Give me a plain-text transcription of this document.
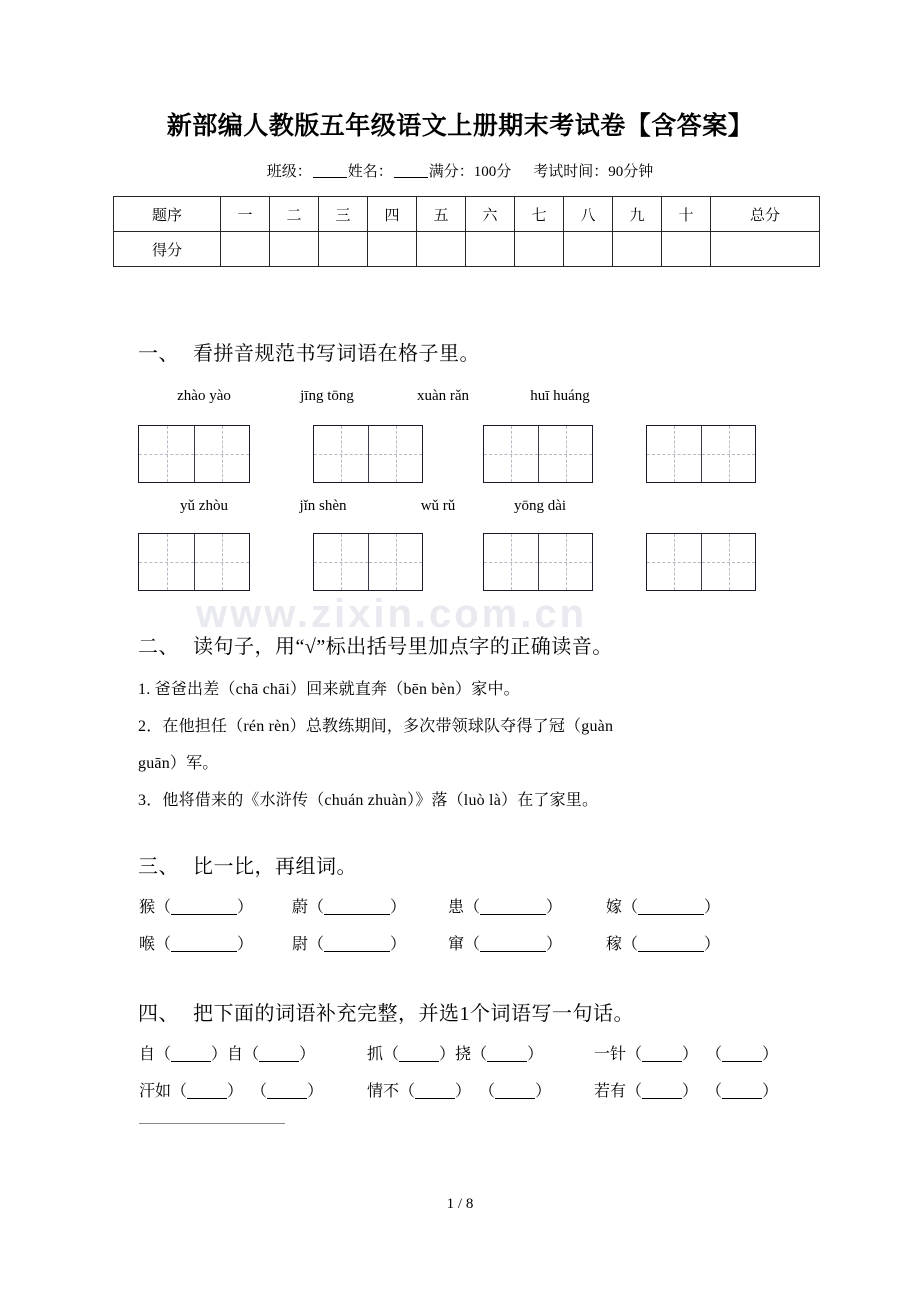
www.zixin.com.cn
新部编人教版五年级语文上册期末考试卷【含答案】
班级： 姓名： 满分：100分 考试时间：90分钟
题序	一	二	三	四	五	六	七	八	九	十	总分
得分											
一、 看拼音规范书写词语在格子里。
zhào yào	jīng tōng	xuàn rǎn	huī huáng
yǔ zhòu	jǐn shèn	wǔ rǔ	yōng dài
二、 读句子，用“√”标出括号里加点字的正确读音。
1. 爸爸出差（chā chāi）回来就直奔（bēn bèn）家中。
2．在他担任（rén rèn）总教练期间，多次带领球队夺得了冠（guàn
guān）军。
3．他将借来的《水浒传（chuán zhuàn）》落（luò là）在了家里。
三、 比一比，再组词。
猴（	） 蔚（	）	患（	）	嫁（	）
喉（	） 尉（	）	窜（	）	稼（	）
四、 把下面的词语补充完整，并选1个词语写一句话。
自（	）自（	）	抓（	）挠（	）	一针（	） （	）
汗如（	） （	）	情不（	） （	）	若有（	） （	）
1 / 8
